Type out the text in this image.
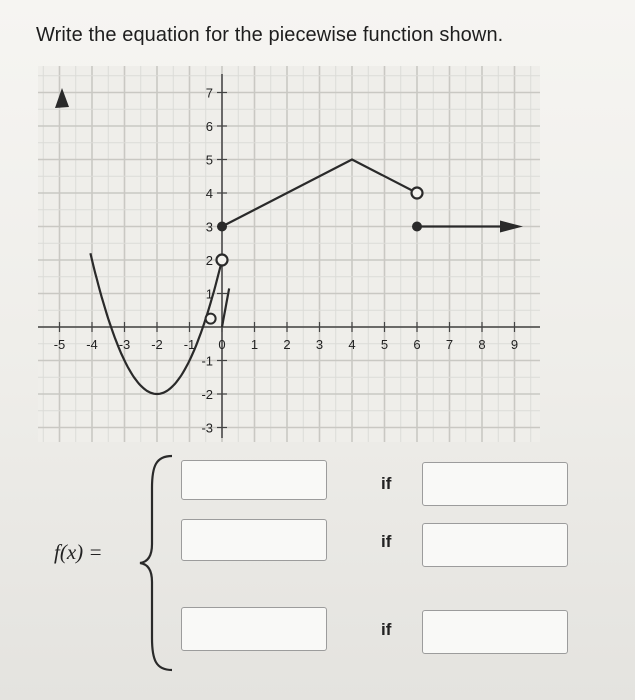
Write the equation for the piecewise function shown.
-5 -4 -3 -2 -1 0 1 2 3 4 5 6 7 8 9
7
6
5
4
3
2
1
-1
-2
-3
f(x) =
if
if
if
